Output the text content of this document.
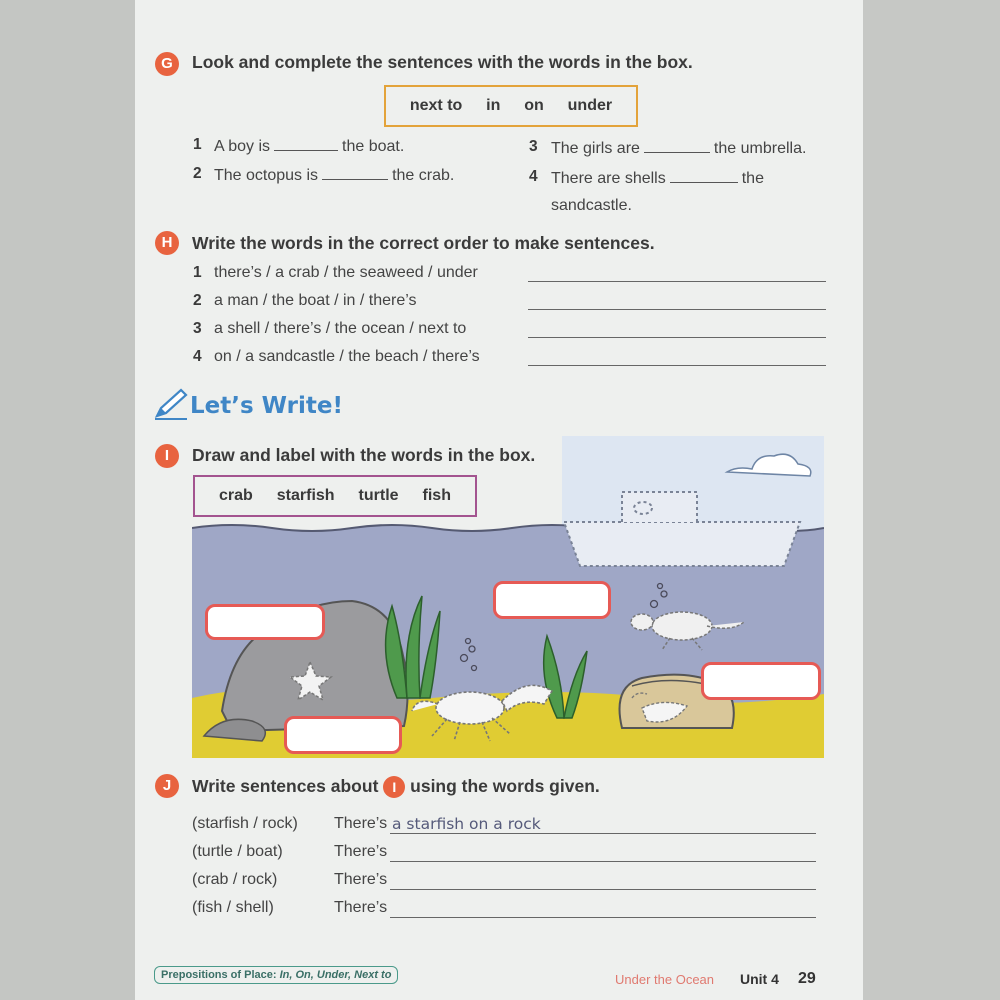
G	Look and complete the sentences with the words in the box.
next to in on under
1 A boy is	the boat.
2 The octopus is	the crab.
3 The girls are	the umbrella.
4 There are shells	the
sandcastle.
H	Write the words in the correct order to make sentences.
1 there’s / a crab / the seaweed / under
2 a man / the boat / in / there’s
3 a shell / there’s / the ocean / next to
4 on / a sandcastle / the beach / there’s
Let’s Write!
I	Draw and label with the words in the box.
crab starfish turtle fish
J	Write sentences about I using the words given.
(starfish / rock) There’s a starfish on a rock
(turtle / boat)	There’s
(crab / rock)	There’s
(fish / shell)	There’s
Prepositions of Place: In, On, Under, Next to	Under the Ocean Unit 4 29
